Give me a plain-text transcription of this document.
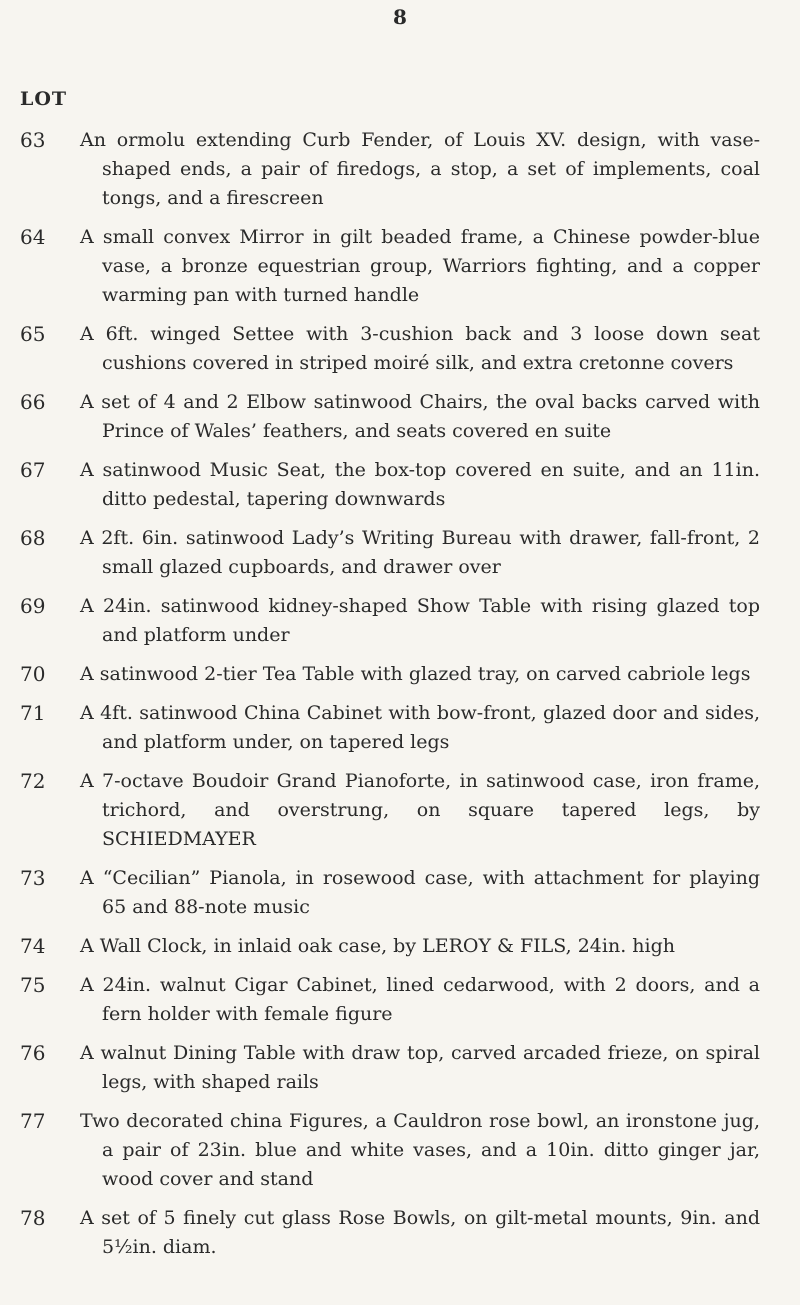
8
LOT
63 An ormolu extending Curb Fender, of Louis XV. design, with vase-shaped ends, a pair of firedogs, a stop, a set of implements, coal tongs, and a firescreen
64 A small convex Mirror in gilt beaded frame, a Chinese powder-blue vase, a bronze equestrian group, Warriors fighting, and a copper warming pan with turned handle
65 A 6ft. winged Settee with 3-cushion back and 3 loose down seat cushions covered in striped moiré silk, and extra cretonne covers
66 A set of 4 and 2 Elbow satinwood Chairs, the oval backs carved with Prince of Wales’ feathers, and seats covered en suite
67 A satinwood Music Seat, the box-top covered en suite, and an 11in. ditto pedestal, tapering downwards
68 A 2ft. 6in. satinwood Lady’s Writing Bureau with drawer, fall-front, 2 small glazed cupboards, and drawer over
69 A 24in. satinwood kidney-shaped Show Table with rising glazed top and platform under
70 A satinwood 2-tier Tea Table with glazed tray, on carved cabriole legs
71 A 4ft. satinwood China Cabinet with bow-front, glazed door and sides, and platform under, on tapered legs
72 A 7-octave Boudoir Grand Pianoforte, in satinwood case, iron frame, trichord, and overstrung, on square tapered legs, by SCHIEDMAYER
73 A “Cecilian” Pianola, in rosewood case, with attachment for playing 65 and 88-note music
74 A Wall Clock, in inlaid oak case, by LEROY & FILS, 24in. high
75 A 24in. walnut Cigar Cabinet, lined cedarwood, with 2 doors, and a fern holder with female figure
76 A walnut Dining Table with draw top, carved arcaded frieze, on spiral legs, with shaped rails
77 Two decorated china Figures, a Cauldron rose bowl, an ironstone jug, a pair of 23in. blue and white vases, and a 10in. ditto ginger jar, wood cover and stand
78 A set of 5 finely cut glass Rose Bowls, on gilt-metal mounts, 9in. and 5½in. diam.
